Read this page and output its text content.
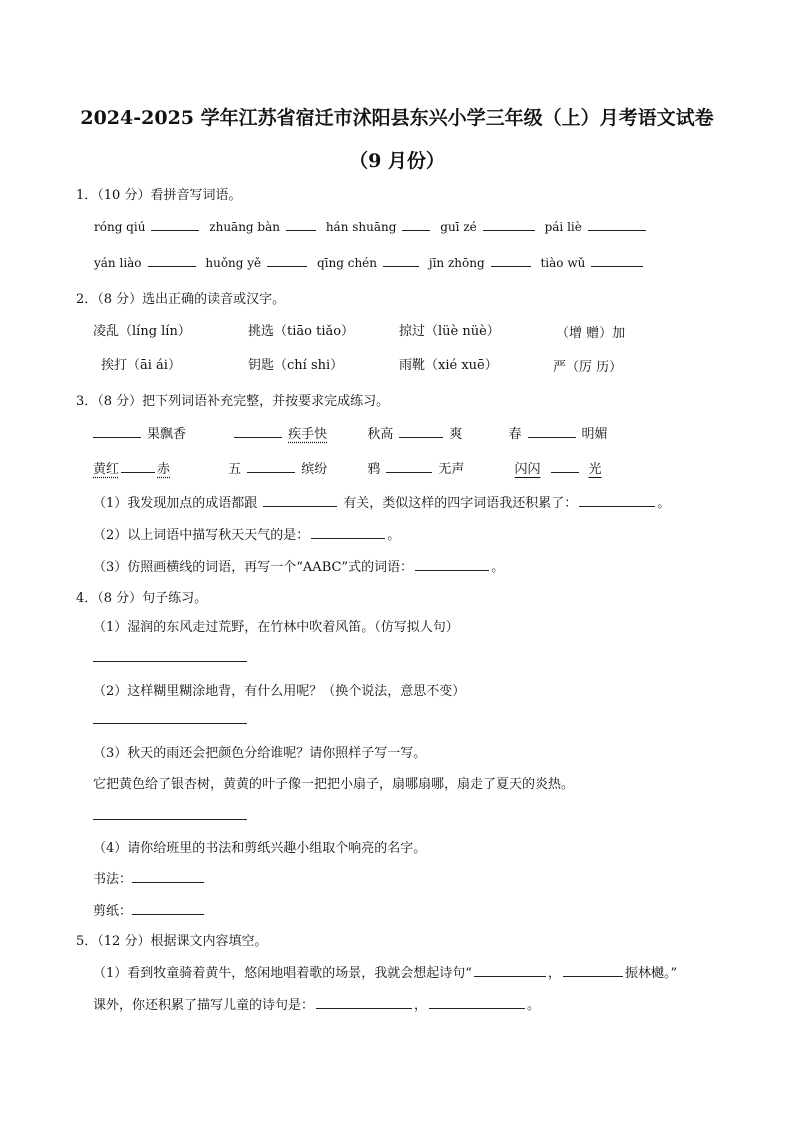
2024-2025 学年江苏省宿迁市沭阳县东兴小学三年级（上）月考语文试卷
（9 月份）
1．（10 分）看拼音写词语。
róng qiú	zhuāng bàn	hán shuāng	guī zé	pái liè
yán liào	huǒng yě	qīng chén	jīn zhōng	tiào wǔ
2．（8 分）选出正确的读音或汉字。
凌乱（líng lín）	挑选（tiāo tiǎo）	掠过（lüè nüè）	（增 赠）加
挨打（āi ái）	钥匙（chí shi）	雨靴（xié xuē）	严（厉 历）
3．（8 分）把下列词语补充完整，并按要求完成练习。
果飘香	疾手快	秋高	爽	春	明媚
黄红	赤	五	缤纷	鸦	无声	闪闪	光
（1）我发现加点的成语都跟	有关，类似这样的四字词语我还积累了：	。
（2）以上词语中描写秋天天气的是：	。
（3）仿照画横线的词语，再写一个“AABC”式的词语：	。
4．（8 分）句子练习。
（1）湿润的东风走过荒野，在竹林中吹着风笛。（仿写拟人句）
（2）这样糊里糊涂地背，有什么用呢？（换个说法，意思不变）
（3）秋天的雨还会把颜色分给谁呢？请你照样子写一写。
它把黄色给了银杏树，黄黄的叶子像一把把小扇子，扇哪扇哪，扇走了夏天的炎热。
（4）请你给班里的书法和剪纸兴趣小组取个响亮的名字。
书法：
剪纸：
5．（12 分）根据课文内容填空。
（1）看到牧童骑着黄牛，悠闲地唱着歌的场景，我就会想起诗句“	，	振林樾。”
课外，你还积累了描写儿童的诗句是：	，	。
